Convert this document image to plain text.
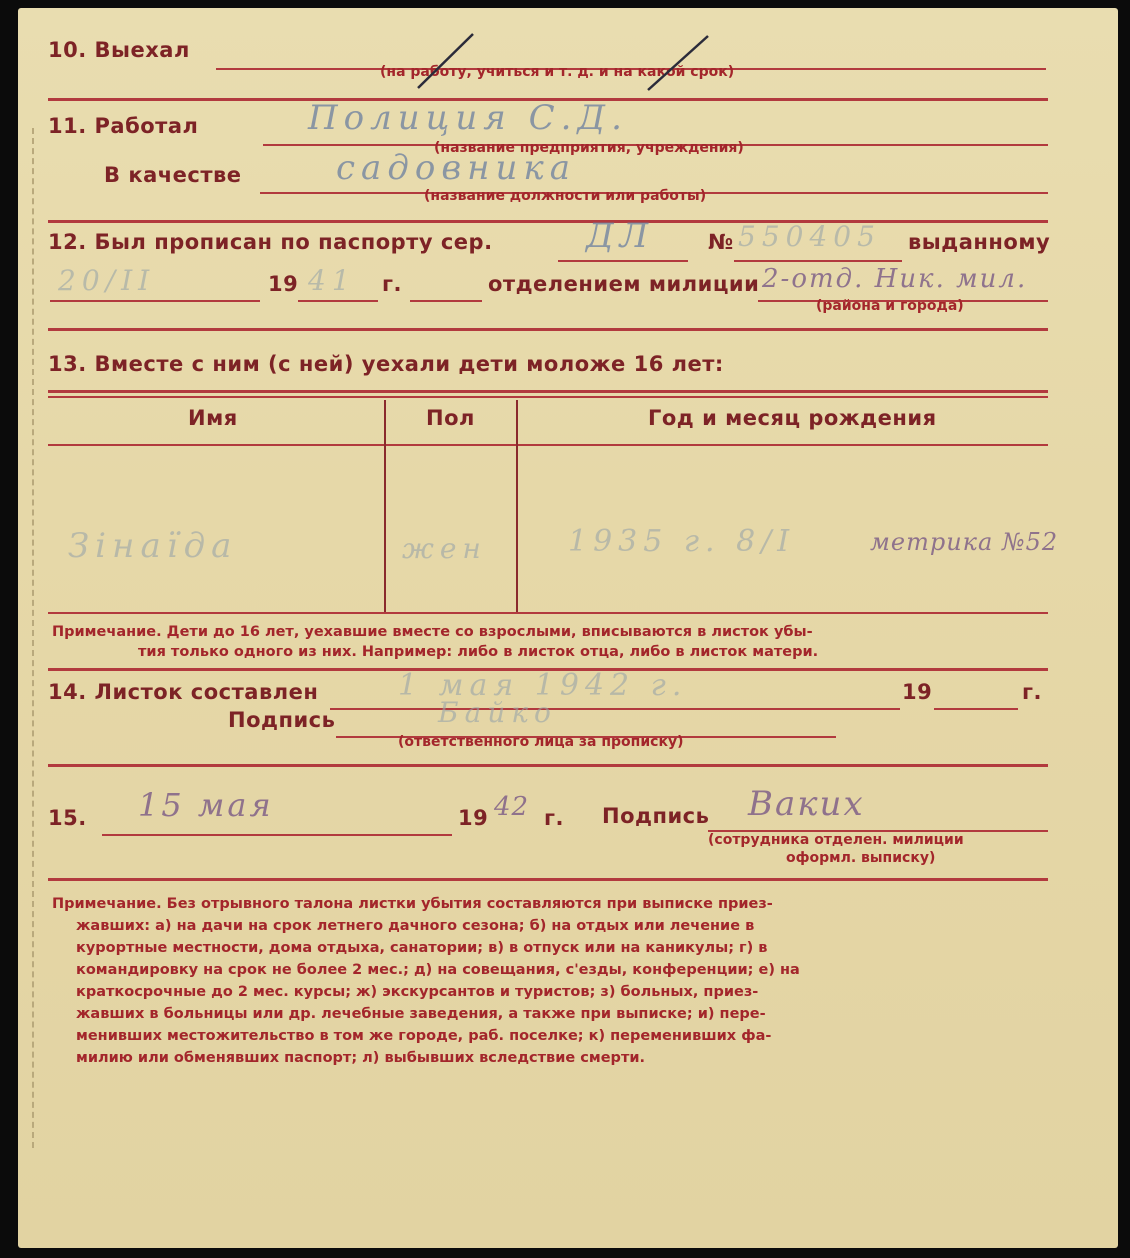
10. Выехал
(на работу, учиться и т. д. и на какой срок)
11. Работал	Полиция С.Д.
(название предприятия, учреждения)
В качестве	садовника
(название должности или работы)
12. Был прописан по паспорту сер.	ДЛ	№ 550405 выданному
20/II	19 41 г.	отделением милиции 2-отд. Ник. мил.
(района и города)
13. Вместе с ним (с ней) уехали дети моложе 16 лет:
Имя	Пол	Год и месяц рождения
Зінаїда	жен	1935 г. 8/I	метрика №52
Примечание. Дети до 16 лет, уехавшие вместе со взрослыми, вписываются в листок убы-
тия только одного из них. Например: либо в листок отца, либо в листок матери.
14. Листок составлен	1 мая 1942 г.	19	г.
Подпись	Байко
(ответственного лица за прописку)
15. 15 мая	19 42 г. Подпись Ваких
(сотрудника отделен. милиции
оформл. выписку)
Примечание. Без отрывного талона листки убытия составляются при выписке приез-
жавших: а) на дачи на срок летнего дачного сезона; б) на отдых или лечение в
курортные местности, дома отдыха, санатории; в) в отпуск или на каникулы; г) в
командировку на срок не более 2 мес.; д) на совещания, с'езды, конференции; е) на
краткосрочные до 2 мес. курсы; ж) экскурсантов и туристов; з) больных, приез-
жавших в больницы или др. лечебные заведения, а также при выписке; и) пере-
менивших местожительство в том же городе, раб. поселке; к) переменивших фа-
милию или обменявших паспорт; л) выбывших вследствие смерти.
